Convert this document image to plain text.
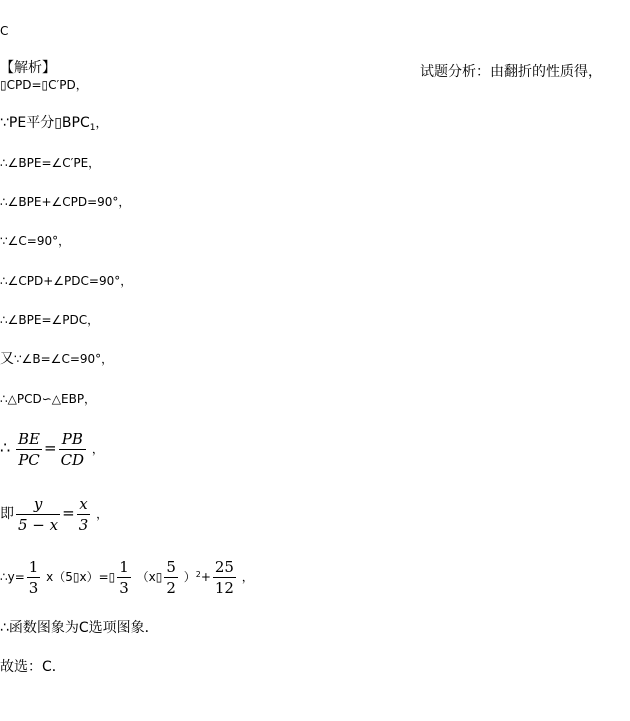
C
【解析】	试题分析：由翻折的性质得，
▯CPD=▯C′PD，
∵PE平分$▯BPC_1$，
∴∠BPE=∠C′PE，
∴∠BPE+∠CPD=90°，
∵∠C=90°，
∴∠CPD+∠PDC=90°，
∴∠BPE=∠PDC，
又∵∠B=∠C=90°，
∴△PCD∽△EBP，
∴ $\frac{BE}{PC} = \frac{PB}{CD}$ ，
即 $\frac{y}{5 - x} = \frac{x}{3}$ ，
∴y= $\frac{1}{3}$ x（5▯x）=▯ $\frac{1}{3}$ （x▯ $\frac{5}{2} )^2+ \frac{25}{12}$ ，
∴函数图象为C选项图象．
故选：C．
